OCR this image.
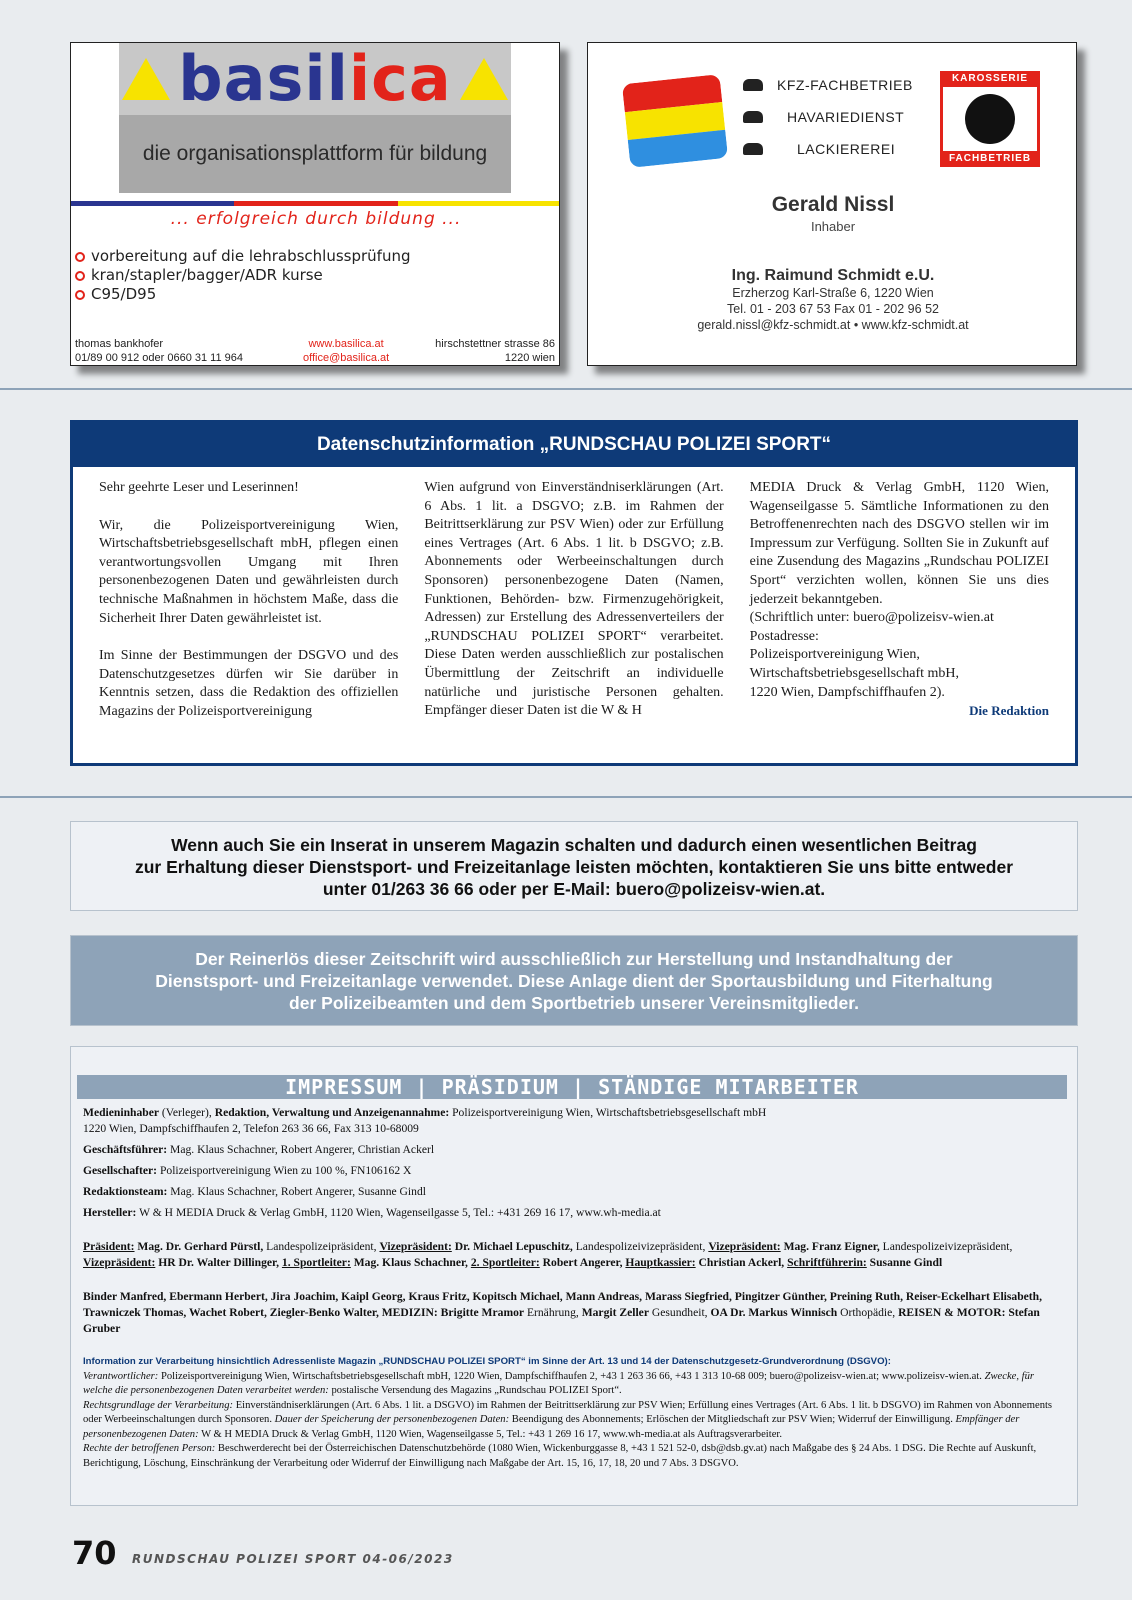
basilica
die organisationsplattform für bildung
... erfolgreich durch bildung ...
vorbereitung auf die lehrabschlussprüfung
kran/stapler/bagger/ADR kurse
C95/D95
thomas bankhofer
01/89 00 912 oder 0660 31 11 964
www.basilica.at
office@basilica.at
hirschstettner strasse 86
1220 wien
KFZ-FACHBETRIEB
HAVARIEDIENST
LACKIEREREI
KAROSSERIE
FACHBETRIEB
Gerald Nissl
Inhaber
Ing. Raimund Schmidt e.U.
Erzherzog Karl-Straße 6, 1220 Wien
Tel. 01 - 203 67 53 Fax 01 - 202 96 52
gerald.nissl@kfz-schmidt.at • www.kfz-schmidt.at
Datenschutzinformation „RUNDSCHAU POLIZEI SPORT“

Sehr geehrte Leser und Leserinnen!

Wir, die Polizeisportvereinigung Wien, Wirtschaftsbetriebsgesellschaft mbH, pflegen einen verantwortungsvollen Umgang mit Ihren personenbezogenen Daten und gewährleisten durch technische Maßnahmen in höchstem Maße, dass die Sicherheit Ihrer Daten gewährleistet ist.

Im Sinne der Bestimmungen der DSGVO und des Datenschutzgesetzes dürfen wir Sie darüber in Kenntnis setzen, dass die Redaktion des offiziellen Magazins der Polizeisportvereinigung

Wien aufgrund von Einverständniserklärungen (Art. 6 Abs. 1 lit. a DSGVO; z.B. im Rahmen der Beitrittserklärung zur PSV Wien) oder zur Erfüllung eines Vertrages (Art. 6 Abs. 1 lit. b DSGVO; z.B. Abonnements oder Werbeeinschaltungen durch Sponsoren) personenbezogene Daten (Namen, Funktionen, Behörden- bzw. Firmenzugehörigkeit, Adressen) zur Erstellung des Adressenverteilers der „RUNDSCHAU POLIZEI SPORT“ verarbeitet. Diese Daten werden ausschließlich zur postalischen Übermittlung der Zeitschrift an individuelle natürliche und juristische Personen gehalten. Empfänger dieser Daten ist die W & H

MEDIA Druck & Verlag GmbH, 1120 Wien, Wagenseilgasse 5. Sämtliche Informationen zu den Betroffenenrechten nach des DSGVO stellen wir im Impressum zur Verfügung. Sollten Sie in Zukunft auf eine Zusendung des Magazins „Rundschau POLIZEI Sport“ verzichten wollen, können Sie uns dies jederzeit bekanntgeben.

(Schriftlich unter: buero@polizeisv-wien.at

Postadresse:

Polizeisportvereinigung Wien,

Wirtschaftsbetriebsgesellschaft mbH,

1220 Wien, Dampfschiffhaufen 2).

Die Redaktion

Wenn auch Sie ein Inserat in unserem Magazin schalten und dadurch einen wesentlichen Beitrag
zur Erhaltung dieser Dienstsport- und Freizeitanlage leisten möchten, kontaktieren Sie uns bitte entweder
unter 01/263 36 66 oder per E-Mail: buero@polizeisv-wien.at.
Der Reinerlös dieser Zeitschrift wird ausschließlich zur Herstellung und Instandhaltung der
Dienstsport- und Freizeitanlage verwendet. Diese Anlage dient der Sportausbildung und Fiterhaltung
der Polizeibeamten und dem Sportbetrieb unserer Vereinsmitglieder.
IMPRESSUM | PRÄSIDIUM | STÄNDIGE MITARBEITER

Medieninhaber (Verleger), Redaktion, Verwaltung und Anzeigenannahme: Polizeisportvereinigung Wien, Wirtschaftsbetriebsgesellschaft mbH
1220 Wien, Dampfschiffhaufen 2, Telefon 263 36 66, Fax 313 10-68009

Geschäftsführer: Mag. Klaus Schachner, Robert Angerer, Christian Ackerl

Gesellschafter: Polizeisportvereinigung Wien zu 100 %, FN106162 X

Redaktionsteam: Mag. Klaus Schachner, Robert Angerer, Susanne Gindl

Hersteller: W & H MEDIA Druck & Verlag GmbH, 1120 Wien, Wagenseilgasse 5, Tel.: +431 269 16 17, www.wh-media.at

Präsident: Mag. Dr. Gerhard Pürstl, Landespolizeipräsident, Vizepräsident: Dr. Michael Lepuschitz, Landespolizeivizepräsident, Vizepräsident: Mag. Franz Eigner, Landespolizeivizepräsident, Vizepräsident: HR Dr. Walter Dillinger, 1. Sportleiter: Mag. Klaus Schachner, 2. Sportleiter: Robert Angerer, Hauptkassier: Christian Ackerl, Schriftführerin: Susanne Gindl

Binder Manfred, Ebermann Herbert, Jira Joachim, Kaipl Georg, Kraus Fritz, Kopitsch Michael, Mann Andreas, Marass Siegfried, Pingitzer Günther, Preining Ruth, Reiser-Eckelhart Elisabeth,
Trawniczek Thomas, Wachet Robert, Ziegler-Benko Walter, MEDIZIN: Brigitte Mramor Ernährung, Margit Zeller Gesundheit, OA Dr. Markus Winnisch Orthopädie, REISEN & MOTOR: Stefan Gruber

Information zur Verarbeitung hinsichtlich Adressenliste Magazin „RUNDSCHAU POLIZEI SPORT“ im Sinne der Art. 13 und 14 der Datenschutzgesetz-Grundverordnung (DSGVO):
Verantwortlicher: Polizeisportvereinigung Wien, Wirtschaftsbetriebsgesellschaft mbH, 1220 Wien, Dampfschiffhaufen 2, +43 1 263 36 66, +43 1 313 10-68 009; buero@polizeisv-wien.at; www.polizeisv-wien.at. Zwecke, für welche die personenbezogenen Daten verarbeitet werden: postalische Versendung des Magazins „Rundschau POLIZEI Sport“.
Rechtsgrundlage der Verarbeitung: Einverständniserklärungen (Art. 6 Abs. 1 lit. a DSGVO) im Rahmen der Beitrittserklärung zur PSV Wien; Erfüllung eines Vertrages (Art. 6 Abs. 1 lit. b DSGVO) im Rahmen von Abonnements oder Werbeeinschaltungen durch Sponsoren. Dauer der Speicherung der personenbezogenen Daten: Beendigung des Abonnements; Erlöschen der Mitgliedschaft zur PSV Wien; Widerruf der Einwilligung. Empfänger der personenbezogenen Daten: W & H MEDIA Druck & Verlag GmbH, 1120 Wien, Wagenseilgasse 5, Tel.: +43 1 269 16 17, www.wh-media.at als Auftragsverarbeiter.
Rechte der betroffenen Person: Beschwerderecht bei der Österreichischen Datenschutzbehörde (1080 Wien, Wickenburggasse 8, +43 1 521 52-0, dsb@dsb.gv.at) nach Maßgabe des § 24 Abs. 1 DSG. Die Rechte auf Auskunft, Berichtigung, Löschung, Einschränkung der Verarbeitung oder Widerruf der Einwilligung nach Maßgabe der Art. 15, 16, 17, 18, 20 und 7 Abs. 3 DSGVO.
70 RUNDSCHAU POLIZEI SPORT 04-06/2023
